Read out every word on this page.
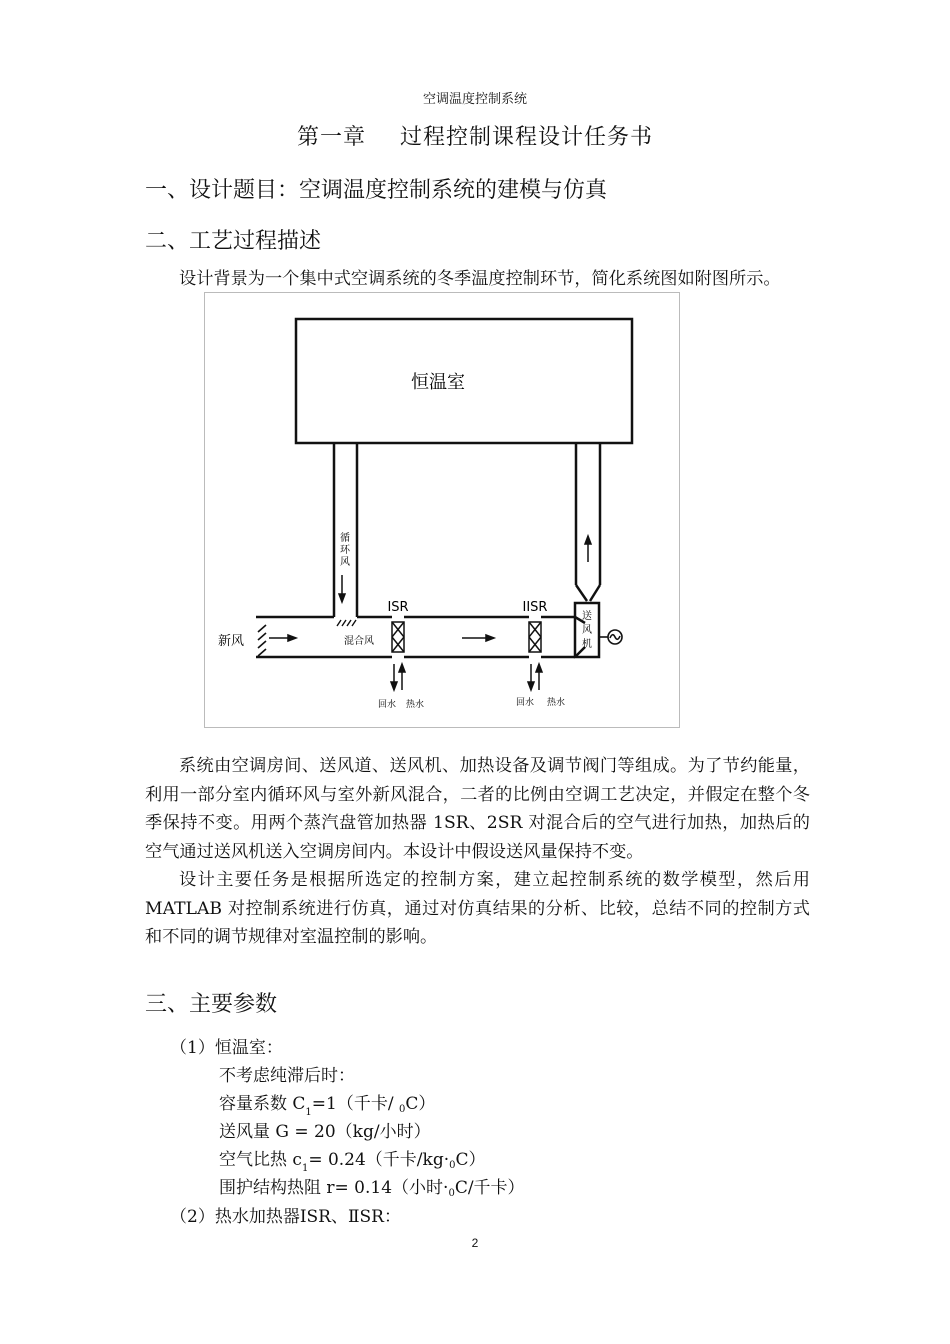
空调温度控制系统
第一章 过程控制课程设计任务书
一、设计题目：空调温度控制系统的建模与仿真
二、工艺过程描述

设计背景为一个集中式空调系统的冬季温度控制环节，简化系统图如附图所示。

恒温室
循
环
风
新风	混合风
ISR	IISR
送
风
机
回水 热水	回水 热水

系统由空调房间、送风道、送风机、加热设备及调节阀门等组成。为了节约能量，利用一部分室内循环风与室外新风混合，二者的比例由空调工艺决定，并假定在整个冬季保持不变。用两个蒸汽盘管加热器 1SR、2SR 对混合后的空气进行加热，加热后的空气通过送风机送入空调房间内。本设计中假设送风量保持不变。

设计主要任务是根据所选定的控制方案，建立起控制系统的数学模型，然后用 MATLAB 对控制系统进行仿真，通过对仿真结果的分析、比较，总结不同的控制方式和不同的调节规律对室温控制的影响。

三、主要参数
（1）恒温室：
不考虑纯滞后时：
容量系数 $C_1=1$（千卡/ 0C）
送风量 G = 20（kg/小时）
空气比热 $c_1= 0.24$（千卡/kg·0C）
围护结构热阻 r= 0.14（小时·0C/千卡）
（2）热水加热器ⅠSR、ⅡSR：
2
